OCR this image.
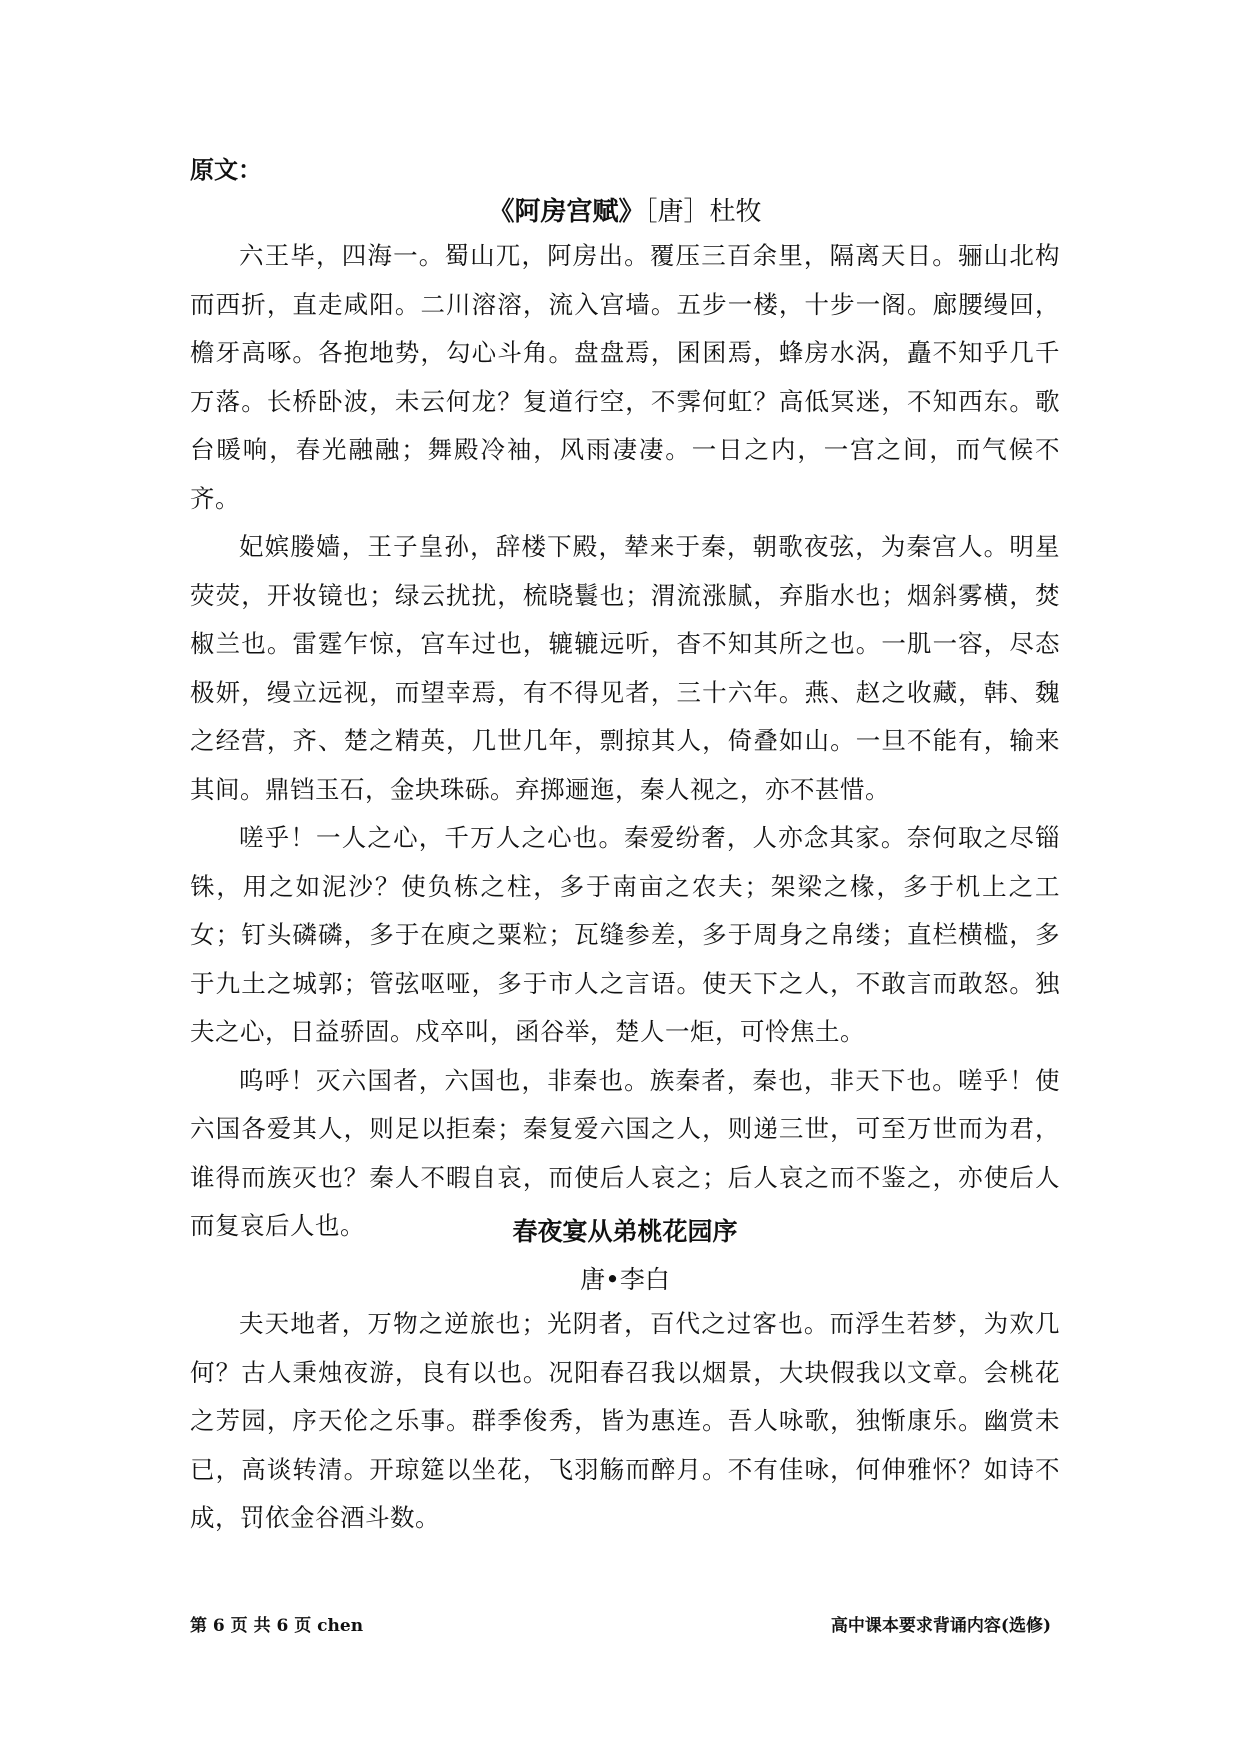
原文：
《阿房宫赋》［唐］杜牧

六王毕，四海一。蜀山兀，阿房出。覆压三百余里，隔离天日。骊山北构而西折，直走咸阳。二川溶溶，流入宫墙。五步一楼，十步一阁。廊腰缦回，檐牙高啄。各抱地势，勾心斗角。盘盘焉，囷囷焉，蜂房水涡，矗不知乎几千万落。长桥卧波，未云何龙？复道行空，不霁何虹？高低冥迷，不知西东。歌台暖响，春光融融；舞殿冷袖，风雨凄凄。一日之内，一宫之间，而气候不齐。

妃嫔媵嫱，王子皇孙，辞楼下殿，辇来于秦，朝歌夜弦，为秦宫人。明星荧荧，开妆镜也；绿云扰扰，梳晓鬟也；渭流涨腻，弃脂水也；烟斜雾横，焚椒兰也。雷霆乍惊，宫车过也，辘辘远听，杳不知其所之也。一肌一容，尽态极妍，缦立远视，而望幸焉，有不得见者，三十六年。燕、赵之收藏，韩、魏之经营，齐、楚之精英，几世几年，剽掠其人，倚叠如山。一旦不能有，输来其间。鼎铛玉石，金块珠砾。弃掷逦迤，秦人视之，亦不甚惜。

嗟乎！一人之心，千万人之心也。秦爱纷奢，人亦念其家。奈何取之尽锱铢，用之如泥沙？使负栋之柱，多于南亩之农夫；架梁之椽，多于机上之工女；钉头磷磷，多于在庾之粟粒；瓦缝参差，多于周身之帛缕；直栏横槛，多于九土之城郭；管弦呕哑，多于市人之言语。使天下之人，不敢言而敢怒。独夫之心，日益骄固。戍卒叫，函谷举，楚人一炬，可怜焦土。

呜呼！灭六国者，六国也，非秦也。族秦者，秦也，非天下也。嗟乎！使六国各爱其人，则足以拒秦；秦复爱六国之人，则递三世，可至万世而为君，谁得而族灭也？秦人不暇自哀，而使后人哀之；后人哀之而不鉴之，亦使后人而复哀后人也。	春夜宴从弟桃花园序
唐•李白

夫天地者，万物之逆旅也；光阴者，百代之过客也。而浮生若梦，为欢几何？古人秉烛夜游，良有以也。况阳春召我以烟景，大块假我以文章。会桃花之芳园，序天伦之乐事。群季俊秀，皆为惠连。吾人咏歌，独惭康乐。幽赏未已，高谈转清。开琼筵以坐花，飞羽觞而醉月。不有佳咏，何伸雅怀？如诗不成，罚依金谷酒斗数。

第 6 页 共 6 页 chen	高中课本要求背诵内容(选修)
